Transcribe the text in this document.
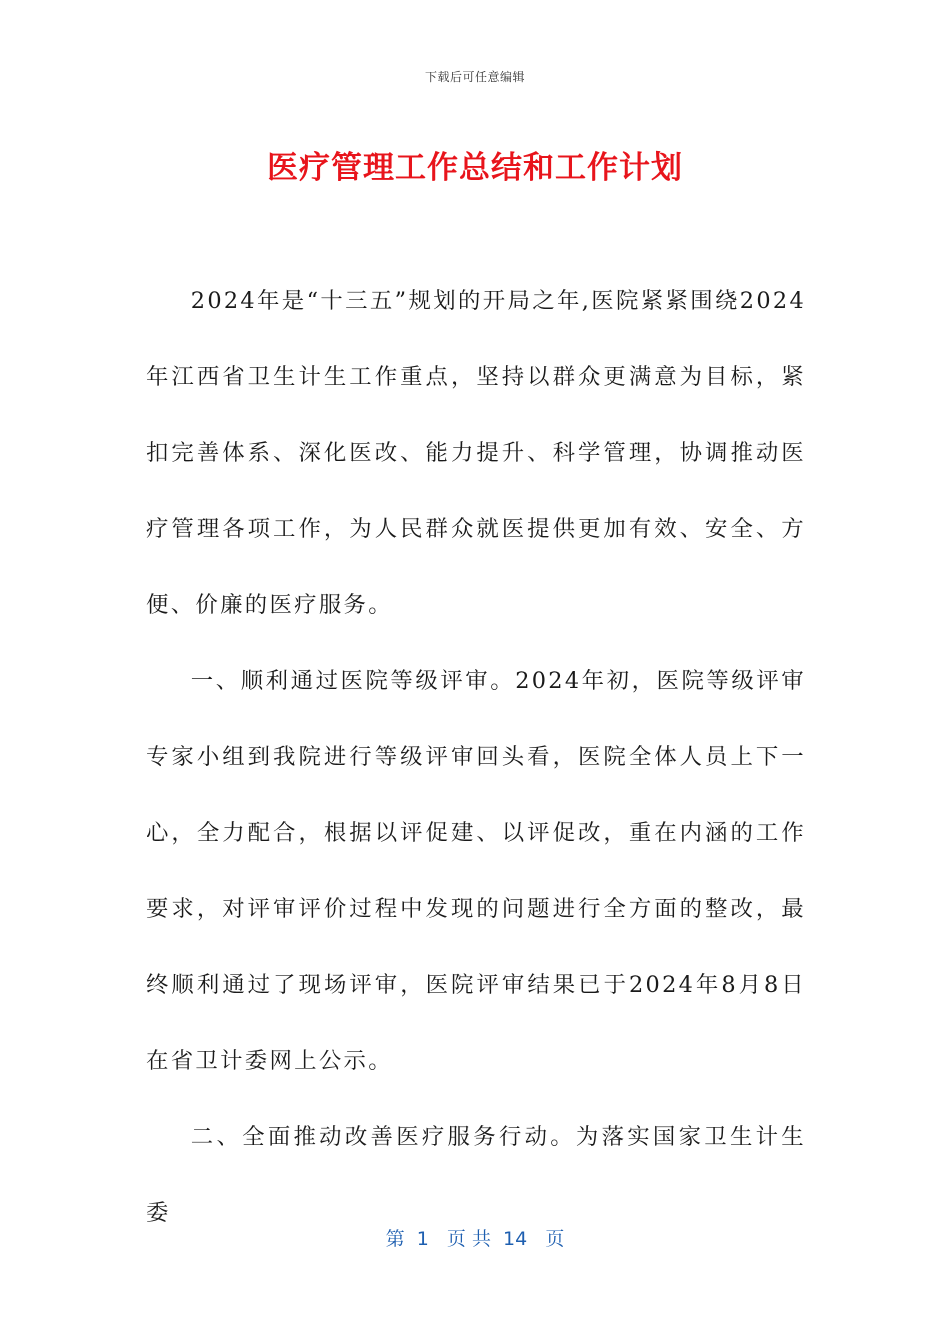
下载后可任意编辑
医疗管理工作总结和工作计划

2024年是“十三五”规划的开局之年,医院紧紧围绕2024年江西省卫生计生工作重点，坚持以群众更满意为目标，紧扣完善体系、深化医改、能力提升、科学管理，协调推动医疗管理各项工作，为人民群众就医提供更加有效、安全、方便、价廉的医疗服务。

一、顺利通过医院等级评审。2024年初，医院等级评审专家小组到我院进行等级评审回头看，医院全体人员上下一心，全力配合，根据以评促建、以评促改，重在内涵的工作要求，对评审评价过程中发现的问题进行全方面的整改，最终顺利通过了现场评审，医院评审结果已于2024年8月8日在省卫计委网上公示。

二、全面推动改善医疗服务行动。为落实国家卫生计生委

第  1   页 共  14   页
